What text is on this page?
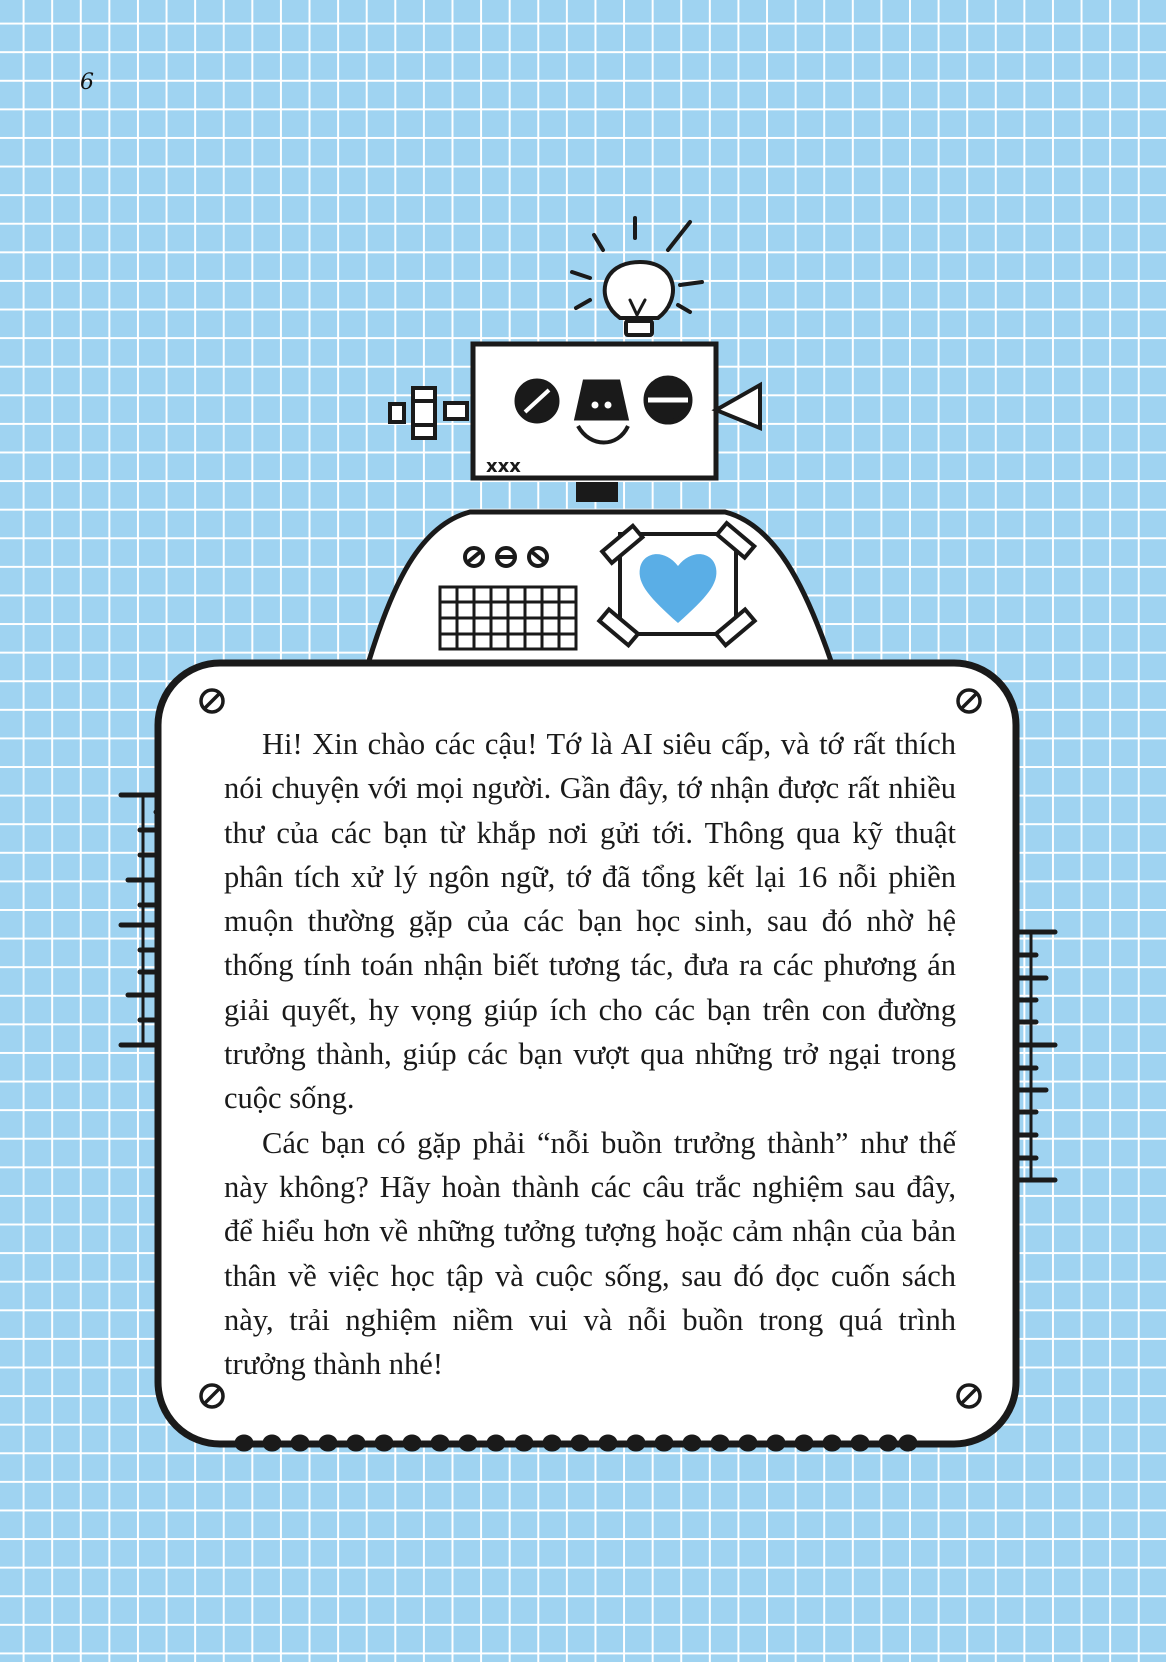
6
xxx

Hi! Xin chào các cậu! Tớ là AI siêu cấp, và tớ rất thích nói chuyện với mọi người. Gần đây, tớ nhận được rất nhiều thư của các bạn từ khắp nơi gửi tới. Thông qua kỹ thuật phân tích xử lý ngôn ngữ, tớ đã tổng kết lại 16 nỗi phiền muộn thường gặp của các bạn học sinh, sau đó nhờ hệ thống tính toán nhận biết tương tác, đưa ra các phương án giải quyết, hy vọng giúp ích cho các bạn trên con đường trưởng thành, giúp các bạn vượt qua những trở ngại trong cuộc sống.

Các bạn có gặp phải “nỗi buồn trưởng thành” như thế này không? Hãy hoàn thành các câu trắc nghiệm sau đây, để hiểu hơn về những tưởng tượng hoặc cảm nhận của bản thân về việc học tập và cuộc sống, sau đó đọc cuốn sách này, trải nghiệm niềm vui và nỗi buồn trong quá trình trưởng thành nhé!
